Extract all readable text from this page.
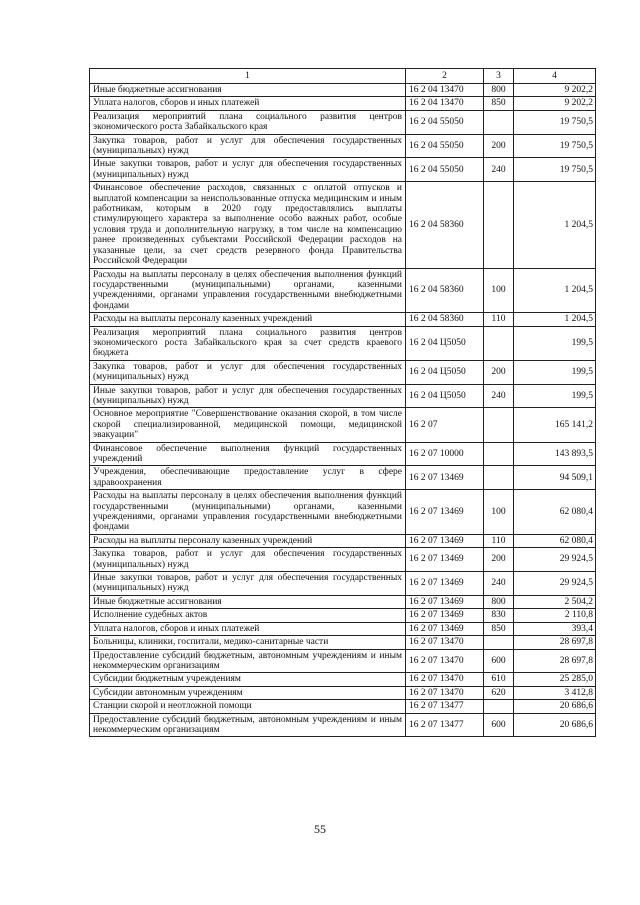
1	2	3	4
Иные бюджетные ассигнования	16 2 04 13470	800	9 202,2
Уплата налогов, сборов и иных платежей	16 2 04 13470	850	9 202,2
Реализация мероприятий плана социального развития центров экономического роста Забайкальского края	16 2 04 55050		19 750,5
Закупка товаров, работ и услуг для обеспечения государственных (муниципальных) нужд	16 2 04 55050	200	19 750,5
Иные закупки товаров, работ и услуг для обеспечения государственных (муниципальных) нужд	16 2 04 55050	240	19 750,5
Финансовое обеспечение расходов, связанных с оплатой отпусков и выплатой компенсации за неиспользованные отпуска медицинским и иным работникам, которым в 2020 году предоставлялись выплаты стимулирующего характера за выполнение особо важных работ, особые условия труда и дополнительную нагрузку, в том числе на компенсацию ранее произведенных субъектами Российской Федерации расходов на указанные цели, за счет средств резервного фонда Правительства Российской Федерации	16 2 04 58360		1 204,5
Расходы на выплаты персоналу в целях обеспечения выполнения функций государственными (муниципальными) органами, казенными учреждениями, органами управления государственными внебюджетными фондами	16 2 04 58360	100	1 204,5
Расходы на выплаты персоналу казенных учреждений	16 2 04 58360	110	1 204,5
Реализация мероприятий плана социального развития центров экономического роста Забайкальского края за счет средств краевого бюджета	16 2 04 Ц5050		199,5
Закупка товаров, работ и услуг для обеспечения государственных (муниципальных) нужд	16 2 04 Ц5050	200	199,5
Иные закупки товаров, работ и услуг для обеспечения государственных (муниципальных) нужд	16 2 04 Ц5050	240	199,5
Основное мероприятие "Совершенствование оказания скорой, в том числе скорой специализированной, медицинской помощи, медицинской эвакуации"	16 2 07		165 141,2
Финансовое обеспечение выполнения функций государственных учреждений	16 2 07 10000		143 893,5
Учреждения, обеспечивающие предоставление услуг в сфере здравоохранения	16 2 07 13469		94 509,1
Расходы на выплаты персоналу в целях обеспечения выполнения функций государственными (муниципальными) органами, казенными учреждениями, органами управления государственными внебюджетными фондами	16 2 07 13469	100	62 080,4
Расходы на выплаты персоналу казенных учреждений	16 2 07 13469	110	62 080,4
Закупка товаров, работ и услуг для обеспечения государственных (муниципальных) нужд	16 2 07 13469	200	29 924,5
Иные закупки товаров, работ и услуг для обеспечения государственных (муниципальных) нужд	16 2 07 13469	240	29 924,5
Иные бюджетные ассигнования	16 2 07 13469	800	2 504,2
Исполнение судебных актов	16 2 07 13469	830	2 110,8
Уплата налогов, сборов и иных платежей	16 2 07 13469	850	393,4
Больницы, клиники, госпитали, медико-санитарные части	16 2 07 13470		28 697,8
Предоставление субсидий бюджетным, автономным учреждениям и иным некоммерческим организациям	16 2 07 13470	600	28 697,8
Субсидии бюджетным учреждениям	16 2 07 13470	610	25 285,0
Субсидии автономным учреждениям	16 2 07 13470	620	3 412,8
Станции скорой и неотложной помощи	16 2 07 13477		20 686,6
Предоставление субсидий бюджетным, автономным учреждениям и иным некоммерческим организациям	16 2 07 13477	600	20 686,6
55
